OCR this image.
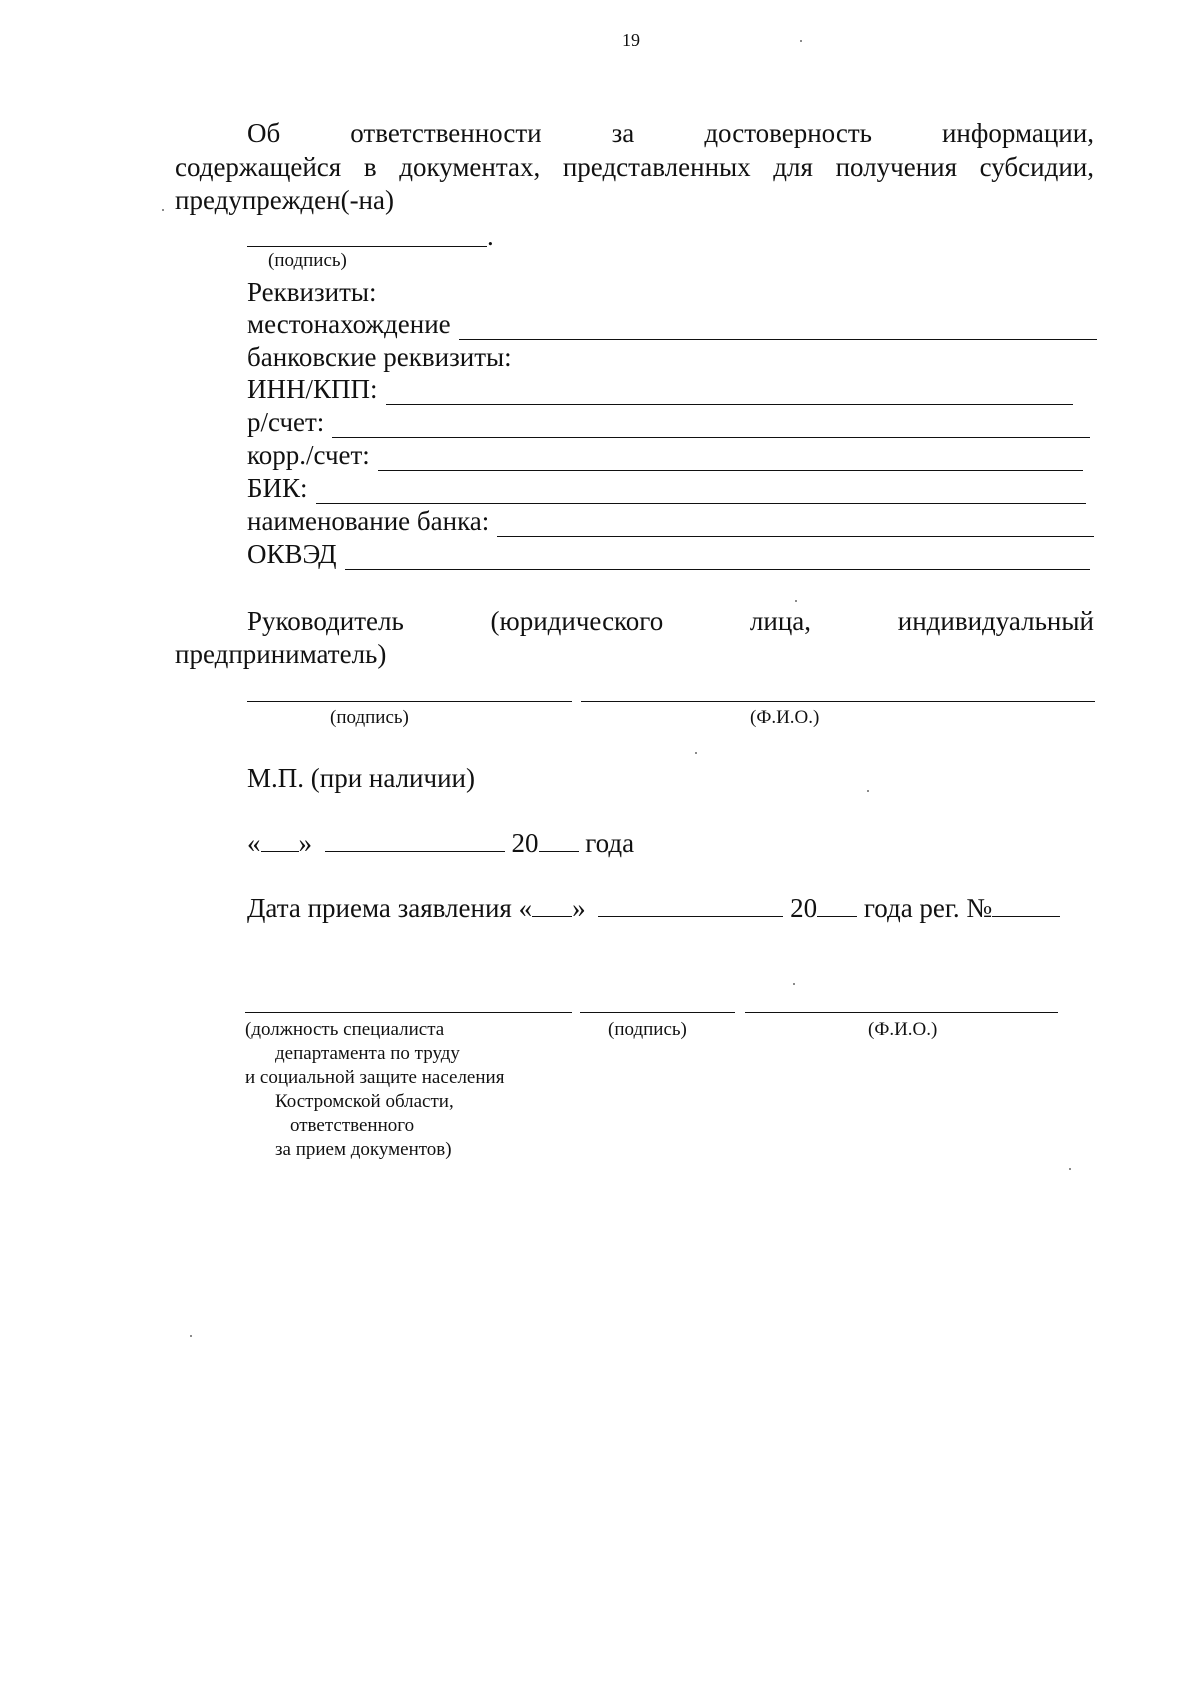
19
Об	ответственности	за	достоверность	информации,
содержащейся в документах, представленных для получения субсидии,
предупрежден(-на)
.
(подпись)
Реквизиты:
местонахождение
банковские реквизиты:
ИНН/КПП:
р/счет:
корр./счет:
БИК:
наименование банка:
ОКВЭД
Руководитель	(юридического	лица,	индивидуальный
предприниматель)
(подпись)	(Ф.И.О.)
М.П. (при наличии)
« »	20 года
Дата приема заявления « »	20 года рег. №
(должность специалиста
департамента по труду
и социальной защите населения
Костромской области,
ответственного
за прием документов)
(подпись)	(Ф.И.О.)
